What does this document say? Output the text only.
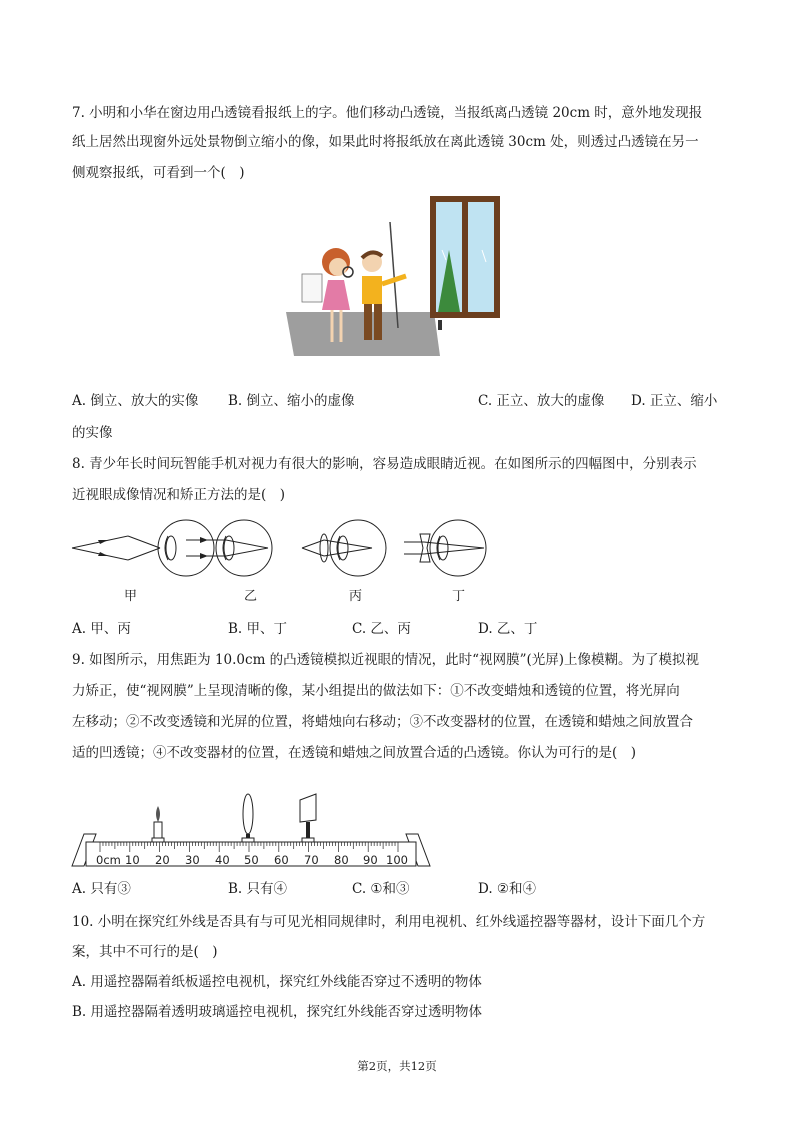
7. 小明和小华在窗边用凸透镜看报纸上的字。他们移动凸透镜，当报纸离凸透镜 20cm 时，意外地发现报
纸上居然出现窗外远处景物倒立缩小的像，如果此时将报纸放在离此透镜 30cm 处，则透过凸透镜在另一
侧观察报纸，可看到一个(　)
A. 倒立、放大的实像 B. 倒立、缩小的虚像	C. 正立、放大的虚像 D. 正立、缩小
的实像
8. 青少年长时间玩智能手机对视力有很大的影响，容易造成眼睛近视。在如图所示的四幅图中，分别表示
近视眼成像情况和矫正方法的是(　)
甲	乙	丙	丁
A. 甲、丙	B. 甲、丁	C. 乙、丙	D. 乙、丁
9. 如图所示，用焦距为 10.0cm 的凸透镜模拟近视眼的情况，此时“视网膜”(光屏)上像模糊。为了模拟视
力矫正，使“视网膜”上呈现清晰的像，某小组提出的做法如下：①不改变蜡烛和透镜的位置，将光屏向
左移动；②不改变透镜和光屏的位置，将蜡烛向右移动；③不改变器材的位置，在透镜和蜡烛之间放置合
适的凹透镜；④不改变器材的位置，在透镜和蜡烛之间放置合适的凸透镜。你认为可行的是(　)
0cm 10 20 30 40 50 60 70 80 90 100
A. 只有③	B. 只有④	C. ①和③	D. ②和④
10. 小明在探究红外线是否具有与可见光相同规律时，利用电视机、红外线遥控器等器材，设计下面几个方
案，其中不可行的是(　)
A. 用遥控器隔着纸板遥控电视机，探究红外线能否穿过不透明的物体
B. 用遥控器隔着透明玻璃遥控电视机，探究红外线能否穿过透明物体
第2页，共12页
